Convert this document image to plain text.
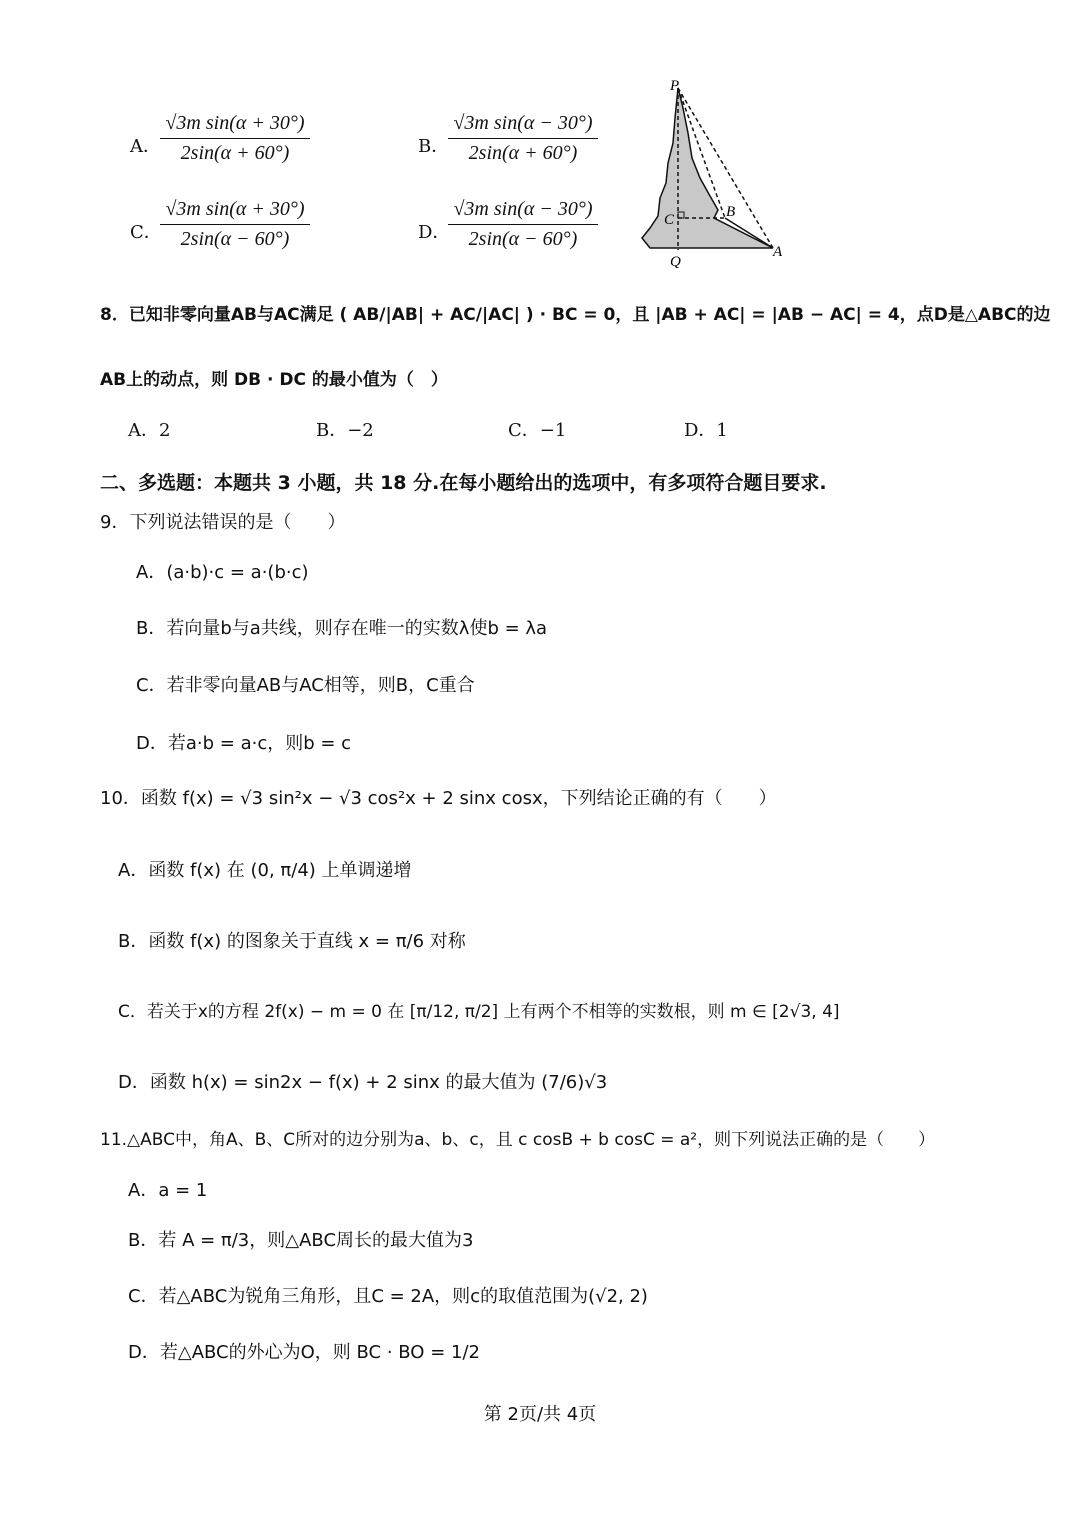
A． $\frac{\text{√3m sin(α + 30°)}}{2\sin(\alpha + 60^\circ)}$	B．
$\frac{\text{√3m sin(α − 30°)}}{2\sin(\alpha + 60^\circ)}$
C．
$\frac{\text{√3m sin(α + 30°)}}{2\sin(\alpha - 60^\circ)}$	D．
$\frac{\text{√3m sin(α − 30°)}}{2\sin(\alpha - 60^\circ)}$
P
B
C
Q
A
8．已知非零向量AB与AC满足 ( AB/|AB| + AC/|AC| ) · BC = 0，且 |AB + AC| = |AB − AC| = 4，点D是△ABC的边
AB上的动点，则 DB · DC 的最小值为（　）
A．2	B．−2	C．−1	D．1
二、多选题：本题共 3 小题，共 18 分.在每小题给出的选项中，有多项符合题目要求.
9．下列说法错误的是（　　）
A．(a·b)·c = a·(b·c)
B．若向量b与a共线，则存在唯一的实数λ使b = λa
C．若非零向量AB与AC相等，则B，C重合
D．若a·b = a·c，则b = c
10．函数 f(x) = √3 sin²x − √3 cos²x + 2 sinx cosx，下列结论正确的有（　　）
A．函数 f(x) 在 (0, π/4) 上单调递增
B．函数 f(x) 的图象关于直线 x = π/6 对称
C．若关于x的方程 2f(x) − m = 0 在 [π/12, π/2] 上有两个不相等的实数根，则 m ∈ [2√3, 4]
D．函数 h(x) = sin2x − f(x) + 2 sinx 的最大值为 (7/6)√3
11.△ABC中，角A、B、C所对的边分别为a、b、c，且 c cosB + b cosC = a²，则下列说法正确的是（　　）
A．a = 1
B．若 A = π/3，则△ABC周长的最大值为3
C．若△ABC为锐角三角形，且C = 2A，则c的取值范围为(√2, 2)
D．若△ABC的外心为O，则 BC · BO = 1/2
第 2页/共 4页
